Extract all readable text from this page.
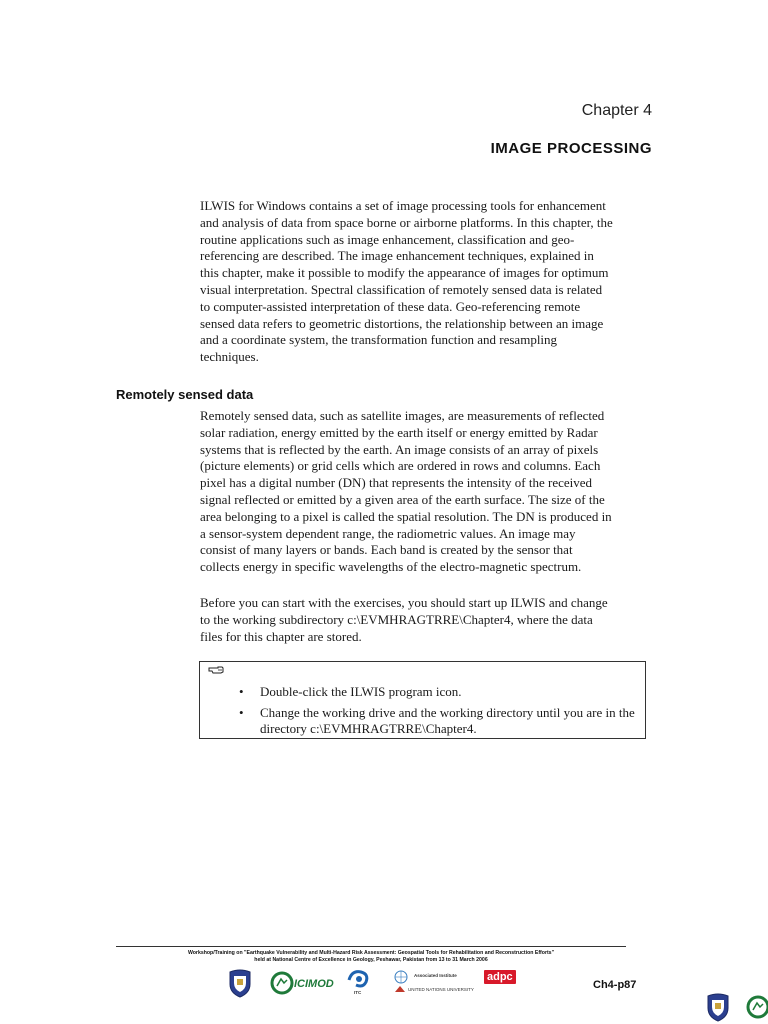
Chapter 4
IMAGE PROCESSING
ILWIS for Windows contains a set of image processing tools for enhancement
and analysis of data from space borne or airborne platforms. In this chapter, the
routine applications such as image enhancement, classification and geo-
referencing are described. The image enhancement techniques, explained in
this chapter, make it possible to modify the appearance of images for optimum
visual interpretation. Spectral classification of remotely sensed data is related
to computer-assisted interpretation of these data. Geo-referencing remote
sensed data refers to geometric distortions, the relationship between an image
and a coordinate system, the transformation function and resampling
techniques.
Remotely sensed data
Remotely sensed data, such as satellite images, are measurements of reflected
solar radiation, energy emitted by the earth itself or energy emitted by Radar
systems that is reflected by the earth. An image consists of an array of pixels
(picture elements) or grid cells which are ordered in rows and columns. Each
pixel has a digital number (DN) that represents the intensity of the received
signal reflected or emitted by a given area of the earth surface. The size of the
area belonging to a pixel is called the spatial resolution. The DN is produced in
a sensor-system dependent range, the radiometric values. An image may
consist of many layers or bands. Each band is created by the sensor that
collects energy in specific wavelengths of the electro-magnetic spectrum.
Before you can start with the exercises, you should start up ILWIS and change
to the working subdirectory c:\EVMHRAGTRRE\Chapter4, where the data
files for this chapter are stored.
• Double-click the ILWIS program icon.
• Change the working drive and the working directory until you are in the directory c:\EVMHRAGTRRE\Chapter4.
Workshop/Training on "Earthquake Vulnerability and Multi-Hazard Risk Assessment: Geospatial Tools for Rehabilitation and Reconstruction Efforts"
held at National Centre of Excellence in Geology, Peshawar, Pakistan from 13 to 31 March 2006
ICIMOD
ITC
Associated Institute
UNITED NATIONS UNIVERSITY
adpc
Ch4-p87
